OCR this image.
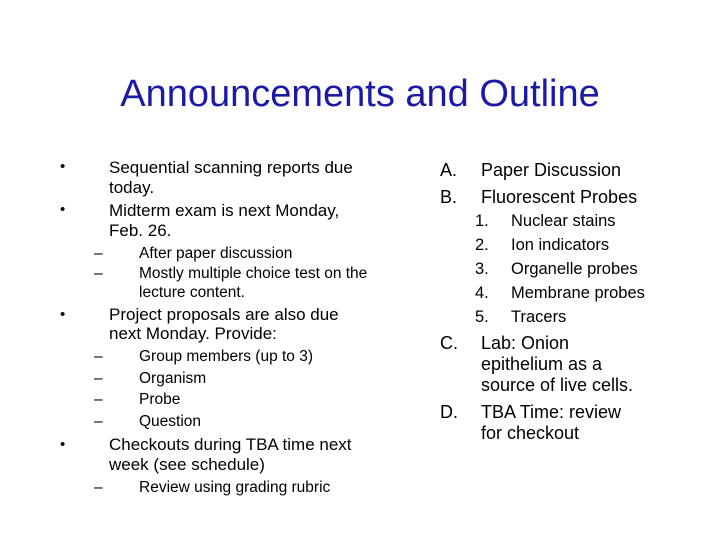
Announcements and Outline
•	Sequential scanning reports due
today.
•	Midterm exam is next Monday,
Feb. 26.
– After paper discussion
– Mostly multiple choice test on the
lecture content.
•	Project proposals are also due
next Monday. Provide:
– Group members (up to 3)
– Organism
– Probe
– Question
•	Checkouts during TBA time next
week (see schedule)
– Review using grading rubric
A. Paper Discussion
B. Fluorescent Probes
1. Nuclear stains
2. Ion indicators
3. Organelle probes
4. Membrane probes
5. Tracers
C. Lab: Onion
epithelium as a
source of live cells.
D. TBA Time: review
for checkout
